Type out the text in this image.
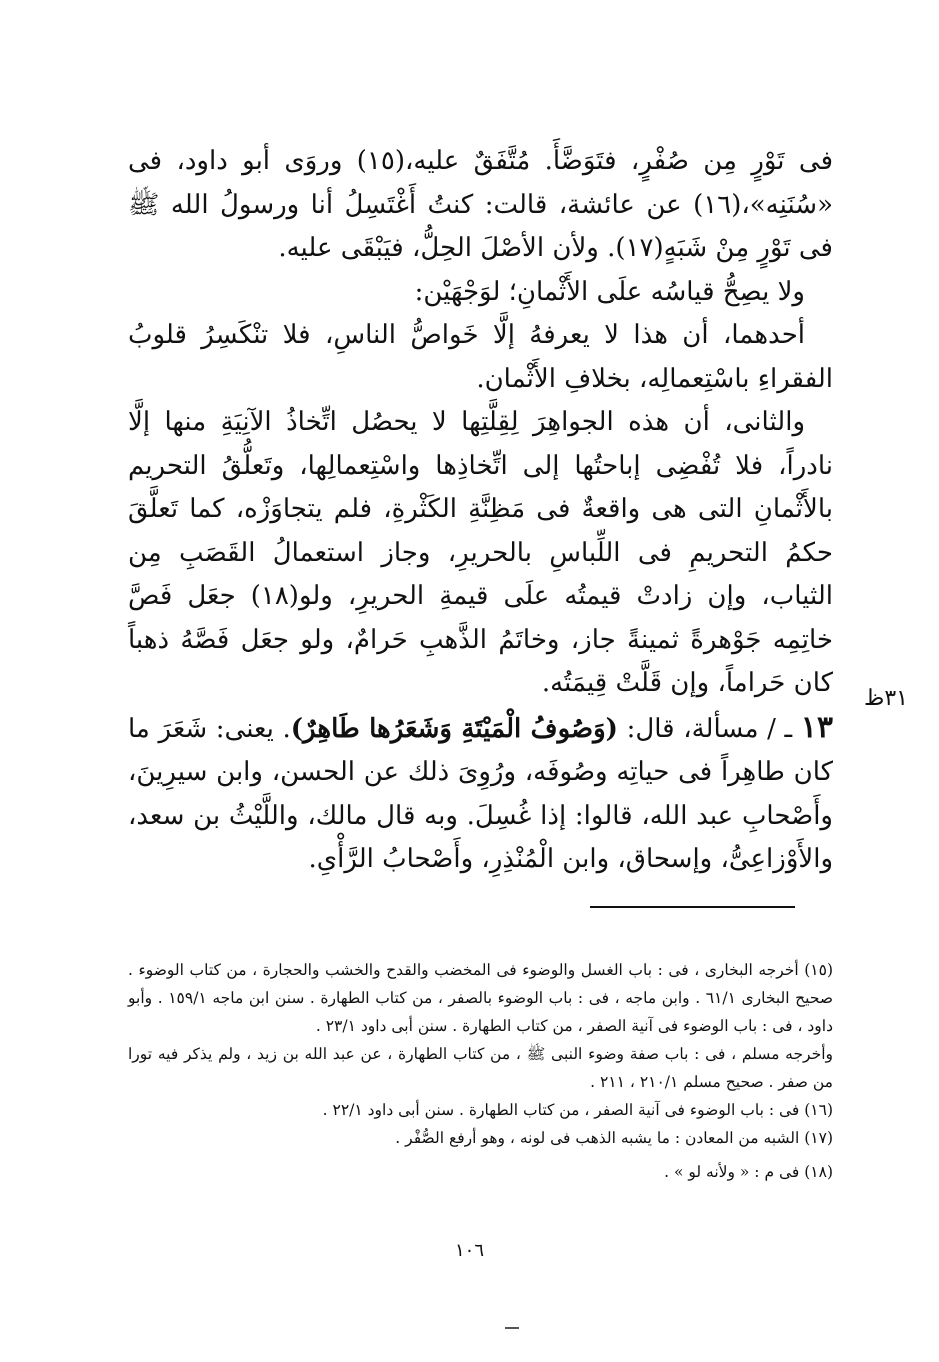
فى تَوْرٍ مِن صُفْرٍ، فتَوَضَّأَ. مُتَّفَقٌ عليه،(١٥) وروَى أبو داود، فى «سُنَنِه»،(١٦) عن عائشة، قالت: كنتُ أَغْتَسِلُ أنا ورسولُ الله ﷺ فى تَوْرٍ مِنْ شَبَهٍ(١٧). ولأن الأصْلَ الحِلُّ، فيَبْقَى عليه.

ولا يصِحُّ قياسُه علَى الأَثْمانِ؛ لوَجْهَيْن:

أحدهما، أن هذا لا يعرفهُ إلَّا خَواصُّ الناسِ، فلا تنْكَسِرُ قلوبُ الفقراءِ باسْتِعمالِه، بخلافِ الأَثْمان.

والثانى، أن هذه الجواهِرَ لِقِلَّتِها لا يحصُل اتِّخاذُ الآنِيَةِ منها إلَّا نادراً، فلا تُفْضِى إباحتُها إلى اتِّخاذِها واسْتِعمالِها، وتَعلُّقُ التحريم بالأَثْمانِ التى هى واقعةٌ فى مَظِنَّةِ الكَثْرةِ، فلم يتجاوَزْه، كما تَعلَّقَ حكمُ التحريمِ فى اللِّباسِ بالحريرِ، وجاز استعمالُ القَصَبِ مِن الثياب، وإن زادتْ قيمتُه علَى قيمةِ الحريرِ، ولو(١٨) جعَل فَصَّ خاتِمِه جَوْهرةً ثمينةً جاز، وخاتَمُ الذَّهبِ حَرامٌ، ولو جعَل فَصَّهُ ذهباً كان حَراماً، وإن قَلَّتْ قِيمَتُه.

١٣ ـ / مسألة، قال: (وَصُوفُ الْمَيْتَةِ وَشَعَرُها طَاهِرٌ). يعنى: شَعَرَ ما كان طاهِراً فى حياتِه وصُوفَه، ورُوِىَ ذلك عن الحسن، وابن سيرِينَ، وأَصْحابِ عبد الله، قالوا: إذا غُسِلَ. وبه قال مالك، واللَّيْثُ بن سعد، والأَوْزاعِىُّ، وإسحاق، وابن الْمُنْذِرِ، وأَصْحابُ الرَّأْىِ.

٣١ظ

(١٥) أخرجه البخارى ، فى : باب الغسل والوضوء فى المخضب والقدح والخشب والحجارة ، من كتاب الوضوء . صحيح البخارى ٦١/١ . وابن ماجه ، فى : باب الوضوء بالصفر ، من كتاب الطهارة . سنن ابن ماجه ١٥٩/١ . وأبو داود ، فى : باب الوضوء فى آنية الصفر ، من كتاب الطهارة . سنن أبى داود ٢٣/١ .

وأخرجه مسلم ، فى : باب صفة وضوء النبى ﷺ ، من كتاب الطهارة ، عن عبد الله بن زيد ، ولم يذكر فيه تورا من صفر . صحيح مسلم ٢١٠/١ ، ٢١١ .

(١٦) فى : باب الوضوء فى آنية الصفر ، من كتاب الطهارة . سنن أبى داود ٢٢/١ .

(١٧) الشبه من المعادن : ما يشبه الذهب فى لونه ، وهو أرفع الصُّفْر .

(١٨) فى م : « ولأنه لو » .

١٠٦
